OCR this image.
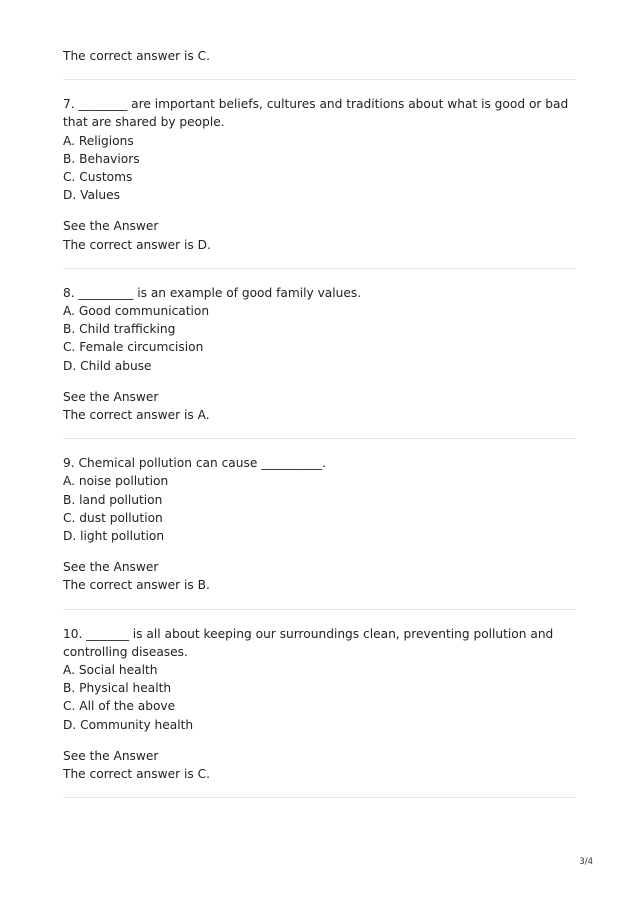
The correct answer is C.
7. ________ are important beliefs, cultures and traditions about what is good or bad that are shared by people.
A. Religions
B. Behaviors
C. Customs
D. Values
See the Answer
The correct answer is D.
8. _________ is an example of good family values.
A. Good communication
B. Child trafficking
C. Female circumcision
D. Child abuse
See the Answer
The correct answer is A.
9. Chemical pollution can cause __________.
A. noise pollution
B. land pollution
C. dust pollution
D. light pollution
See the Answer
The correct answer is B.
10. _______ is all about keeping our surroundings clean, preventing pollution and controlling diseases.
A. Social health
B. Physical health
C. All of the above
D. Community health
See the Answer
The correct answer is C.
3/4
